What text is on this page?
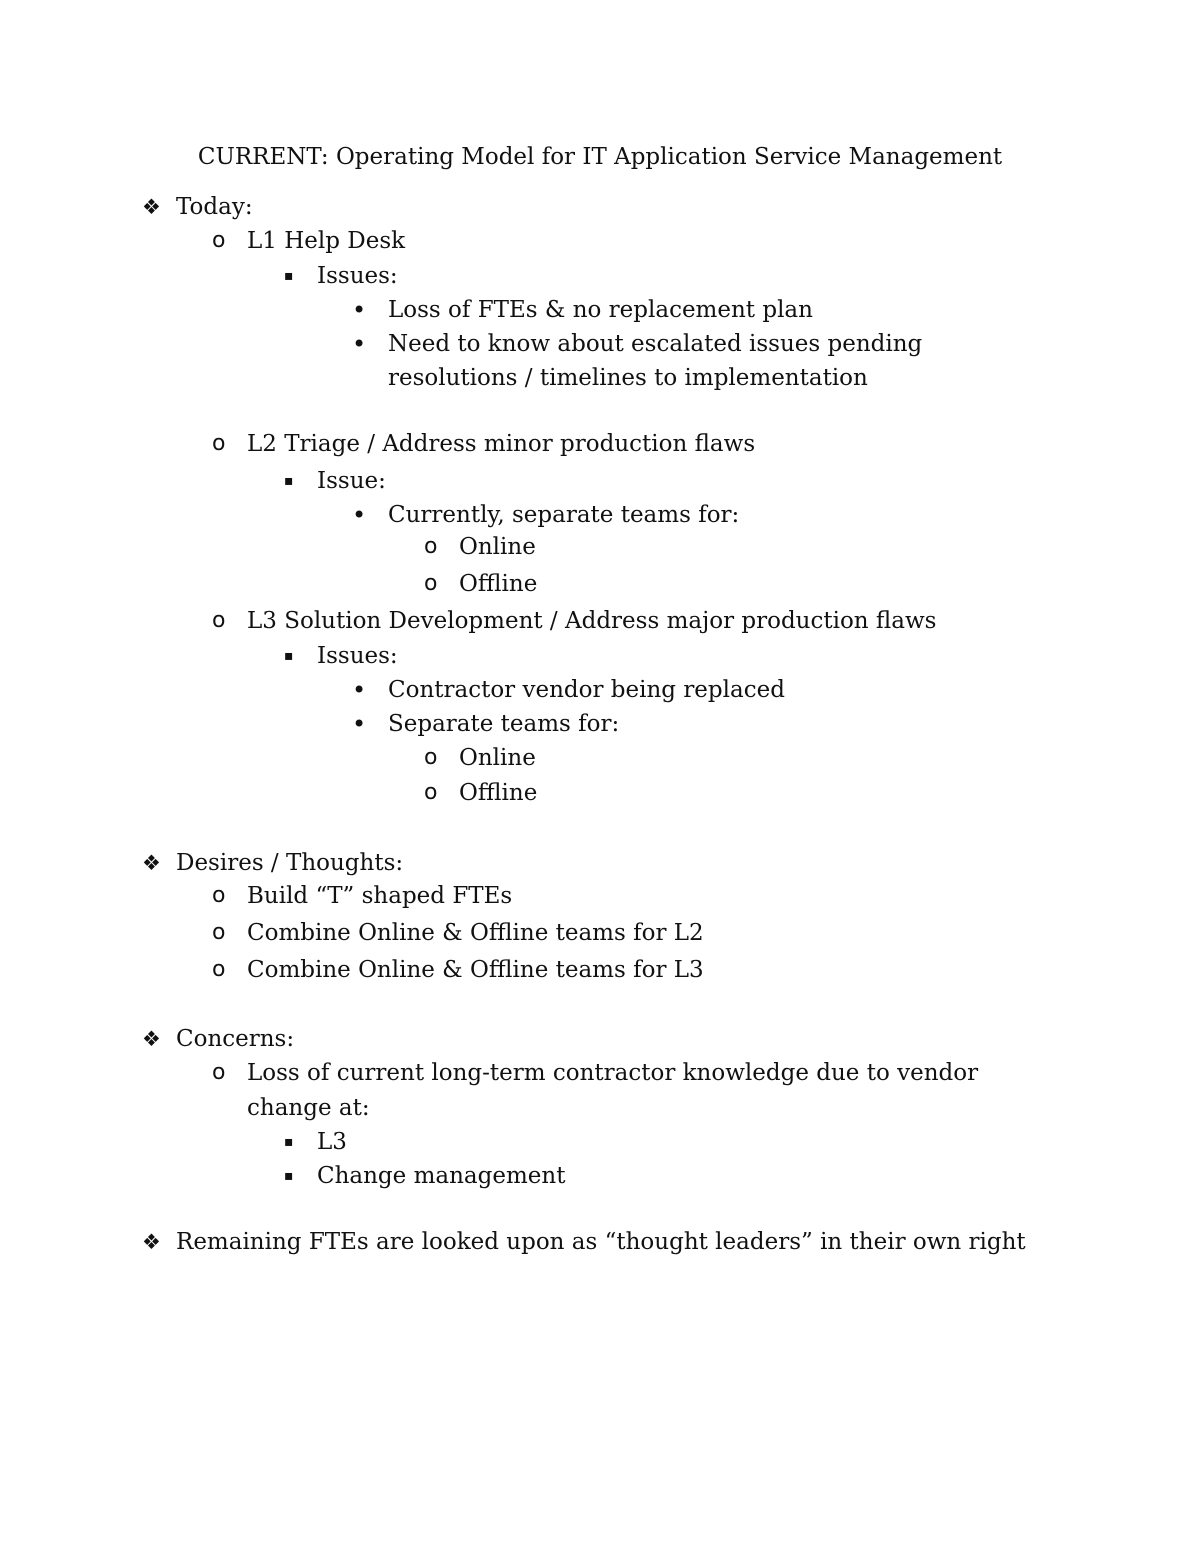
CURRENT: Operating Model for IT Application Service Management
❖ Today:
o L1 Help Desk
▪ Issues:
• Loss of FTEs & no replacement plan
• Need to know about escalated issues pending
resolutions / timelines to implementation
o L2 Triage / Address minor production flaws
▪ Issue:
• Currently, separate teams for:
o Online
o Offline
o L3 Solution Development / Address major production flaws
▪ Issues:
• Contractor vendor being replaced
• Separate teams for:
o Online
o Offline
❖ Desires / Thoughts:
o Build “T” shaped FTEs
o Combine Online & Offline teams for L2
o Combine Online & Offline teams for L3
❖ Concerns:
o Loss of current long-term contractor knowledge due to vendor
change at:
▪ L3
▪ Change management
❖ Remaining FTEs are looked upon as “thought leaders” in their own right
